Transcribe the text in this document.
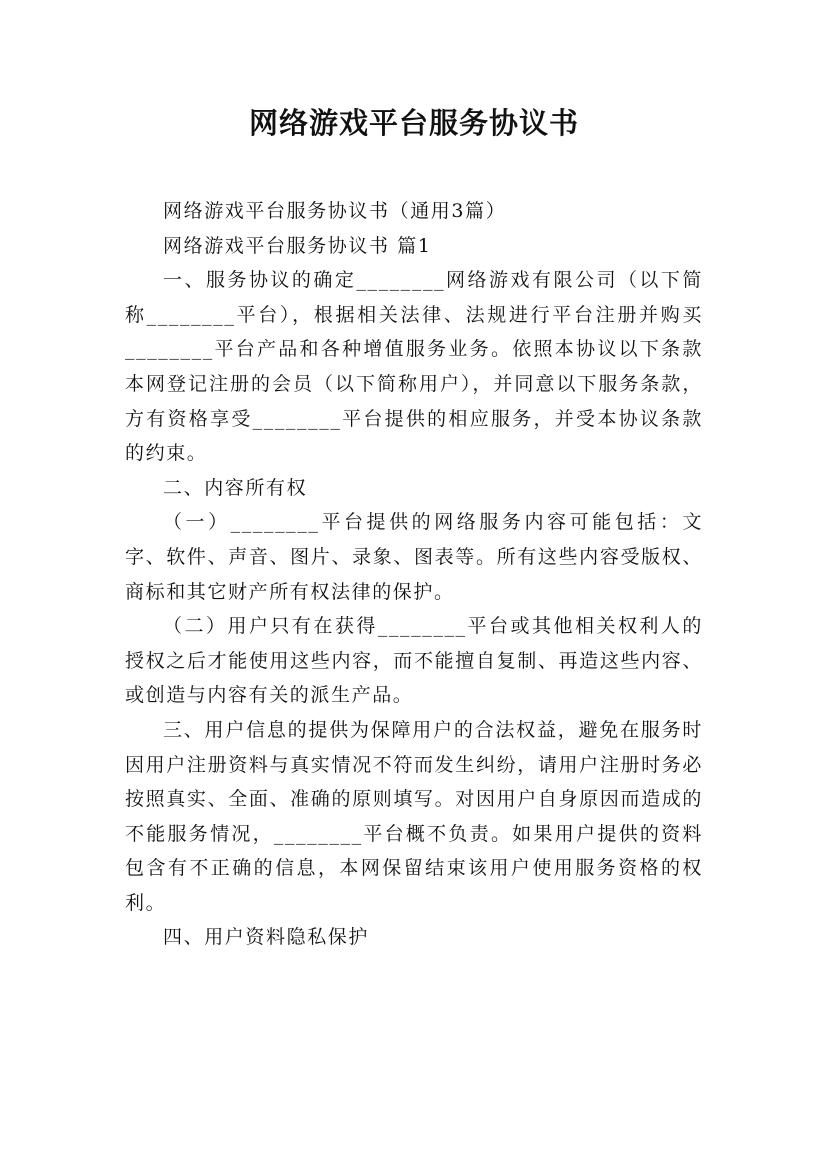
网络游戏平台服务协议书

网络游戏平台服务协议书（通用3篇）

网络游戏平台服务协议书 篇1

一、服务协议的确定________网络游戏有限公司（以下简称________平台），根据相关法律、法规进行平台注册并购买________平台产品和各种增值服务业务。依照本协议以下条款本网登记注册的会员（以下简称用户），并同意以下服务条款，方有资格享受________平台提供的相应服务，并受本协议条款的约束。

二、内容所有权

（一）________平台提供的网络服务内容可能包括：文字、软件、声音、图片、录象、图表等。所有这些内容受版权、商标和其它财产所有权法律的保护。

（二）用户只有在获得________平台或其他相关权利人的授权之后才能使用这些内容，而不能擅自复制、再造这些内容、或创造与内容有关的派生产品。

三、用户信息的提供为保障用户的合法权益，避免在服务时因用户注册资料与真实情况不符而发生纠纷，请用户注册时务必按照真实、全面、准确的原则填写。对因用户自身原因而造成的不能服务情况，________平台概不负责。如果用户提供的资料包含有不正确的信息，本网保留结束该用户使用服务资格的权利。

四、用户资料隐私保护
